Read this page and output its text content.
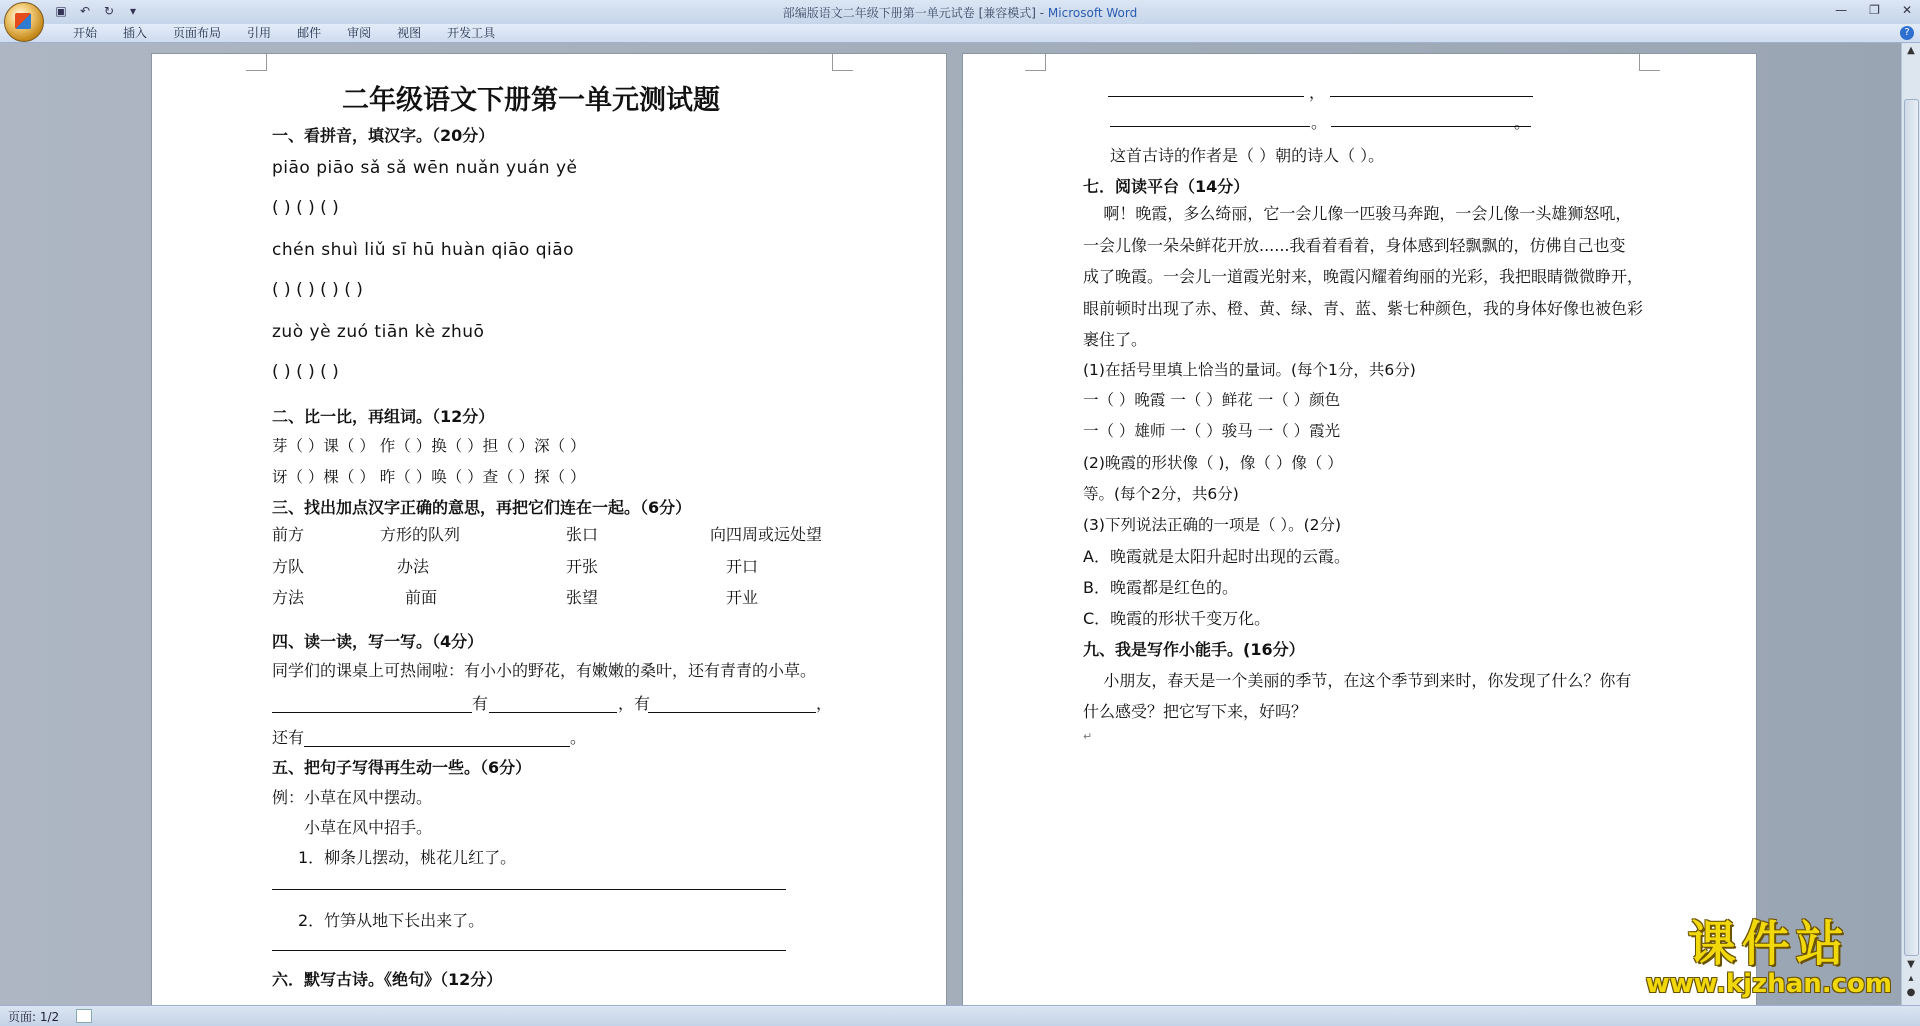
▣ ↶ ↻	▾	部编版语文二年级下册第一单元试卷 [兼容模式] - Microsoft Word	— ❐ ✕
开始	插入	页面布局	引用	邮件	审阅	视图	开发工具	?
二年级语文下册第一单元测试题
一、看拼音，填汉字。（20分）
piāo piāo sǎ sǎ wēn nuǎn yuán yě
( ) ( ) ( )
chén shuì liǔ sī hū huàn qiāo qiāo
( ) ( ) ( ) ( )
zuò yè zuó tiān kè zhuō
( ) ( ) ( )
二、比一比，再组词。（12分）
芽（ ）课（ ） 作（ ）换（ ）担（ ）深（ ）
讶（ ）棵（ ） 昨（ ）唤（ ）查（ ）探（ ）
三、找出加点汉字正确的意思，再把它们连在一起。（6分）
前方	方形的队列	张口	向四周或远处望
方队	办法	开张	开口
方法	前面	张望	开业
四、读一读，写一写。（4分）
同学们的课桌上可热闹啦：有小小的野花，有嫩嫩的桑叶，还有青青的小草。
有	，有	，
还有	。
五、把句子写得再生动一些。（6分）
例：小草在风中摆动。
小草在风中招手。
1．柳条儿摆动，桃花儿红了。
2．竹笋从地下长出来了。
六．默写古诗。《绝句》（12分）
，
。	。
这首古诗的作者是（ ）朝的诗人（ ）。
七．阅读平台（14分）
啊！晚霞，多么绮丽，它一会儿像一匹骏马奔跑，一会儿像一头雄狮怒吼，
一会儿像一朵朵鲜花开放......我看着看着，身体感到轻飘飘的，仿佛自己也变
成了晚霞。一会儿一道霞光射来，晚霞闪耀着绚丽的光彩，我把眼睛微微睁开，
眼前顿时出现了赤、橙、黄、绿、青、蓝、紫七种颜色，我的身体好像也被色彩
裹住了。
(1)在括号里填上恰当的量词。(每个1分，共6分)
一（ ）晚霞 一（ ）鲜花 一（ ）颜色
一（ ）雄师 一（ ）骏马 一（ ）霞光
(2)晚霞的形状像（ )，像（ ）像（ ）
等。(每个2分，共6分)
(3)下列说法正确的一项是（ ）。(2分)
A．晚霞就是太阳升起时出现的云霞。
B．晚霞都是红色的。
C．晚霞的形状千变万化。
九、我是写作小能手。(16分）
小朋友，春天是一个美丽的季节，在这个季节到来时，你发现了什么？你有
什么感受？把它写下来，好吗？
↵
▲
▼
▴
●
页面: 1/2
课件站
www.kjzhan.com
